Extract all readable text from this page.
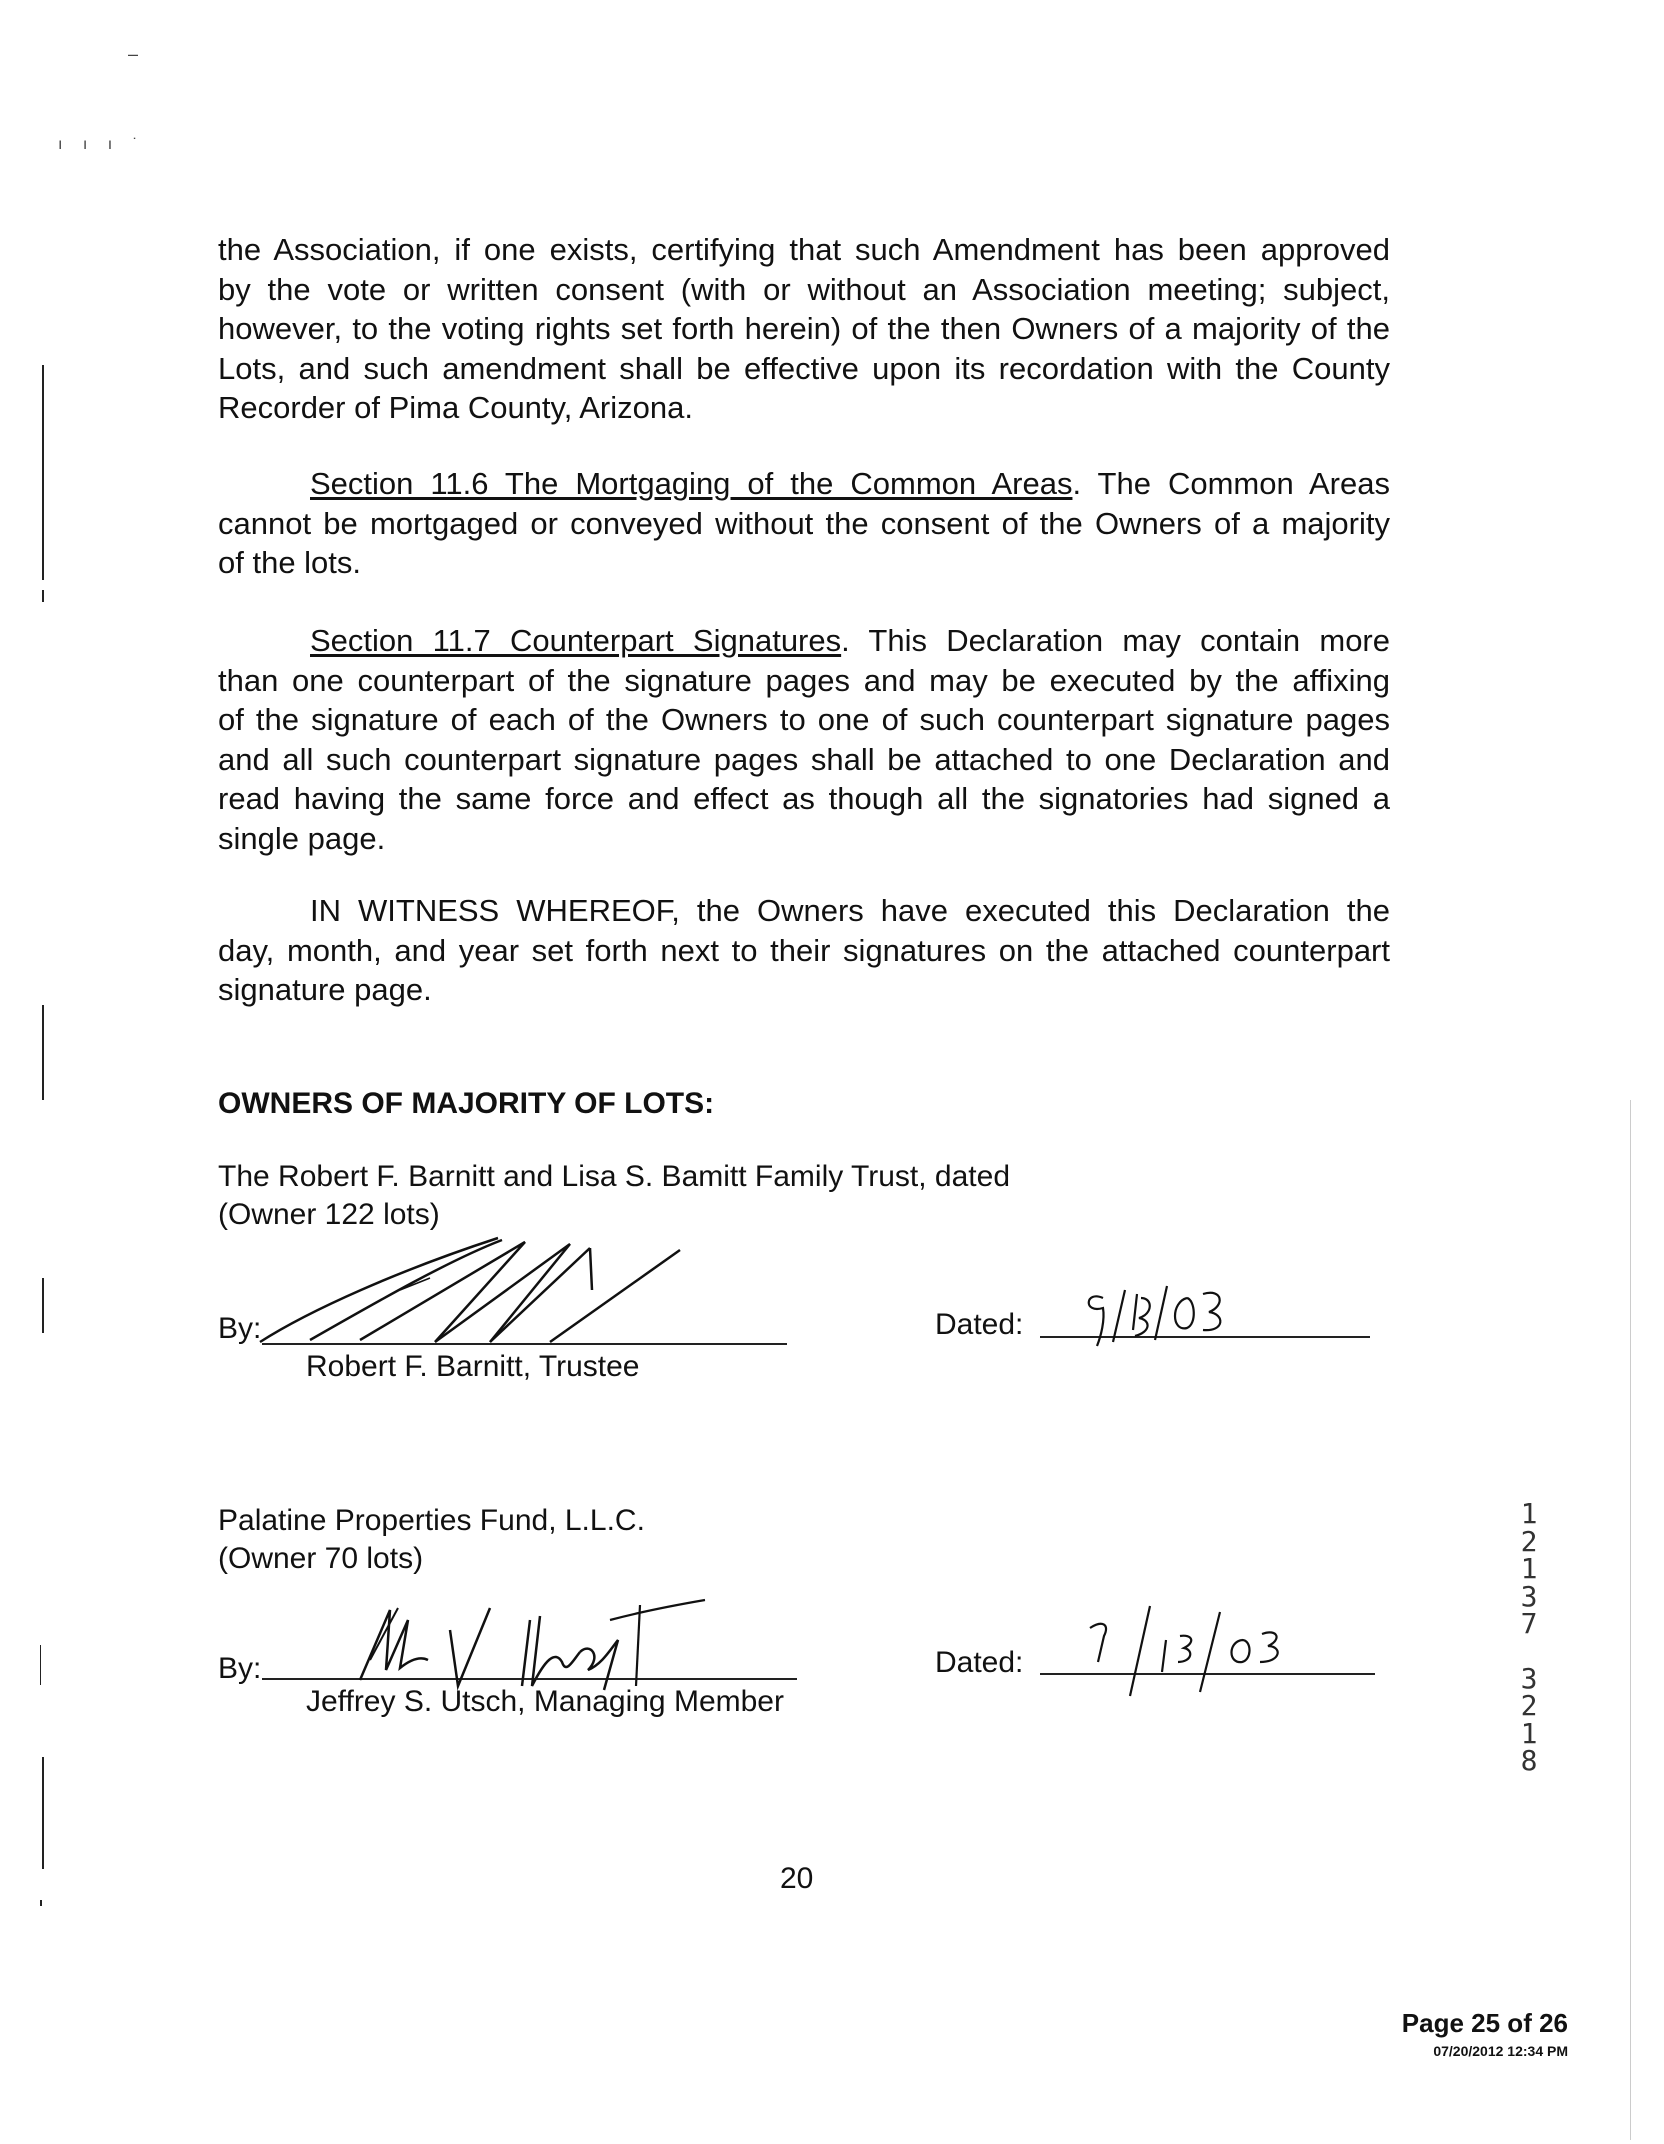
–
ı ı ı ˙
the Association, if one exists, certifying that such Amendment has been approved
by the vote or written consent (with or without an Association meeting; subject,
however, to the voting rights set forth herein) of the then Owners of a majority of the
Lots, and such amendment shall be effective upon its recordation with the County
Recorder of Pima County, Arizona.
Section 11.6 The Mortgaging of the Common Areas. The Common Areas
cannot be mortgaged or conveyed without the consent of the Owners of a majority
of the lots.
Section 11.7 Counterpart Signatures. This Declaration may contain more
than one counterpart of the signature pages and may be executed by the affixing
of the signature of each of the Owners to one of such counterpart signature pages
and all such counterpart signature pages shall be attached to one Declaration and
read having the same force and effect as though all the signatories had signed a
single page.
IN WITNESS WHEREOF, the Owners have executed this Declaration the
day, month, and year set forth next to their signatures on the attached counterpart
signature page.
OWNERS OF MAJORITY OF LOTS:
The Robert F. Barnitt and Lisa S. Bamitt Family Trust, dated
(Owner 122 lots)
By:
Robert F. Barnitt, Trustee
Dated:
Palatine Properties Fund, L.L.C.
(Owner 70 lots)
By:
Jeffrey S. Utsch, Managing Member
Dated:
1
2
1
3
7
3
2
1
8
20
Page 25 of 26
07/20/2012 12:34 PM
